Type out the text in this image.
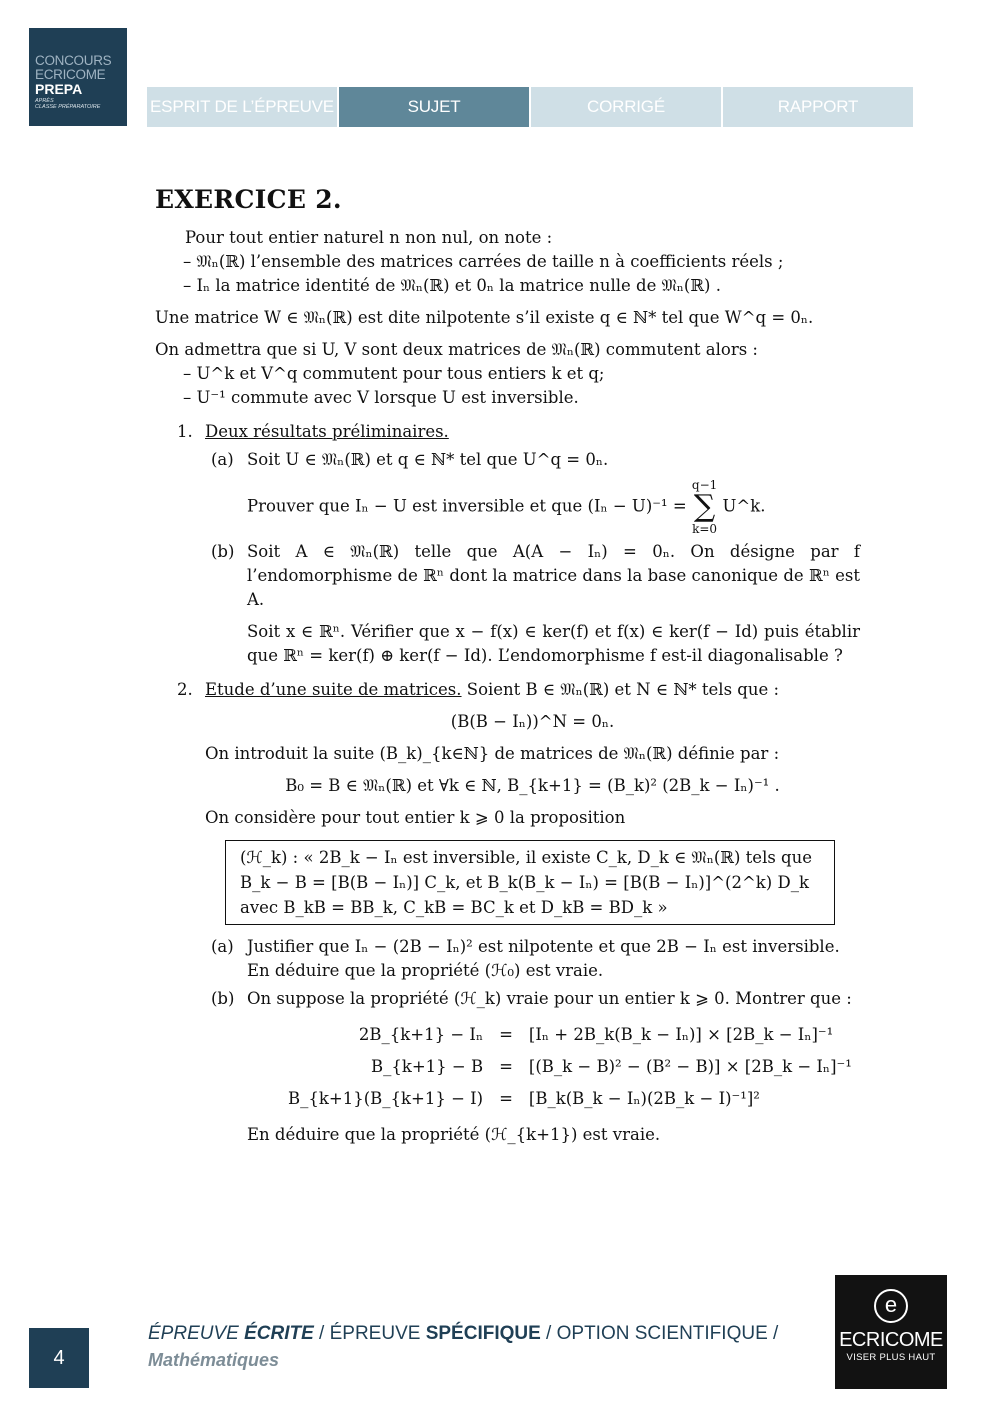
CONCOURS
ECRICOME
PREPA
APRÈS
CLASSE PRÉPARATOIRE	ESPRIT DE L’ÉPREUVE	SUJET	CORRIGÉ	RAPPORT
EXERCICE 2.

Pour tout entier naturel n non nul, on note :

– 𝔐ₙ(ℝ) l’ensemble des matrices carrées de taille n à coefficients réels ;

– Iₙ la matrice identité de 𝔐ₙ(ℝ) et 0ₙ la matrice nulle de 𝔐ₙ(ℝ) .

Une matrice W ∈ 𝔐ₙ(ℝ) est dite nilpotente s’il existe q ∈ ℕ* tel que W^q = 0ₙ.

On admettra que si U, V sont deux matrices de 𝔐ₙ(ℝ) commutent alors :

– U^k et V^q commutent pour tous entiers k et q;

– U⁻¹ commute avec V lorsque U est inversible.

1. Deux résultats préliminaires.
(a) Soit U ∈ 𝔐ₙ(ℝ) et q ∈ ℕ* tel que U^q = 0ₙ.

Prouver que Iₙ − U est inversible et que (Iₙ − U)⁻¹ = q−1
∑
k=0 U^k.

(b) Soit A ∈ 𝔐ₙ(ℝ) telle que A(A − Iₙ) = 0ₙ. On désigne par f l’endomorphisme de ℝⁿ dont la matrice dans la base canonique de ℝⁿ est A.

Soit x ∈ ℝⁿ. Vérifier que x − f(x) ∈ ker(f) et f(x) ∈ ker(f − Id) puis établir que ℝⁿ = ker(f) ⊕ ker(f − Id). L’endomorphisme f est-il diagonalisable ?

2. Etude d’une suite de matrices. Soient B ∈ 𝔐ₙ(ℝ) et N ∈ ℕ* tels que :

(B(B − Iₙ))^N = 0ₙ.

On introduit la suite (B_k)_{k∈ℕ} de matrices de 𝔐ₙ(ℝ) définie par :

B₀ = B ∈ 𝔐ₙ(ℝ) et ∀k ∈ ℕ, B_{k+1} = (B_k)² (2B_k − Iₙ)⁻¹ .

On considère pour tout entier k ⩾ 0 la proposition

(ℋ_k) : « 2B_k − Iₙ est inversible, il existe C_k, D_k ∈ 𝔐ₙ(ℝ) tels que
B_k − B = [B(B − Iₙ)] C_k, et B_k(B_k − Iₙ) = [B(B − Iₙ)]^(2^k) D_k
avec B_kB = BB_k, C_kB = BC_k et D_kB = BD_k »
(a) Justifier que Iₙ − (2B − Iₙ)² est nilpotente et que 2B − Iₙ est inversible.

En déduire que la propriété (ℋ₀) est vraie.

(b) On suppose la propriété (ℋ_k) vraie pour un entier k ⩾ 0. Montrer que :

2B_{k+1} − Iₙ	=	[Iₙ + 2B_k(B_k − Iₙ)] × [2B_k − Iₙ]⁻¹
B_{k+1} − B	=	[(B_k − B)² − (B² − B)] × [2B_k − Iₙ]⁻¹
B_{k+1}(B_{k+1} − I)	=	[B_k(B_k − Iₙ)(2B_k − I)⁻¹]²

En déduire que la propriété (ℋ_{k+1}) est vraie.

4
ÉPREUVE ÉCRITE / ÉPREUVE SPÉCIFIQUE / OPTION SCIENTIFIQUE /
Mathématiques
e
ECRICOME
VISER PLUS HAUT
